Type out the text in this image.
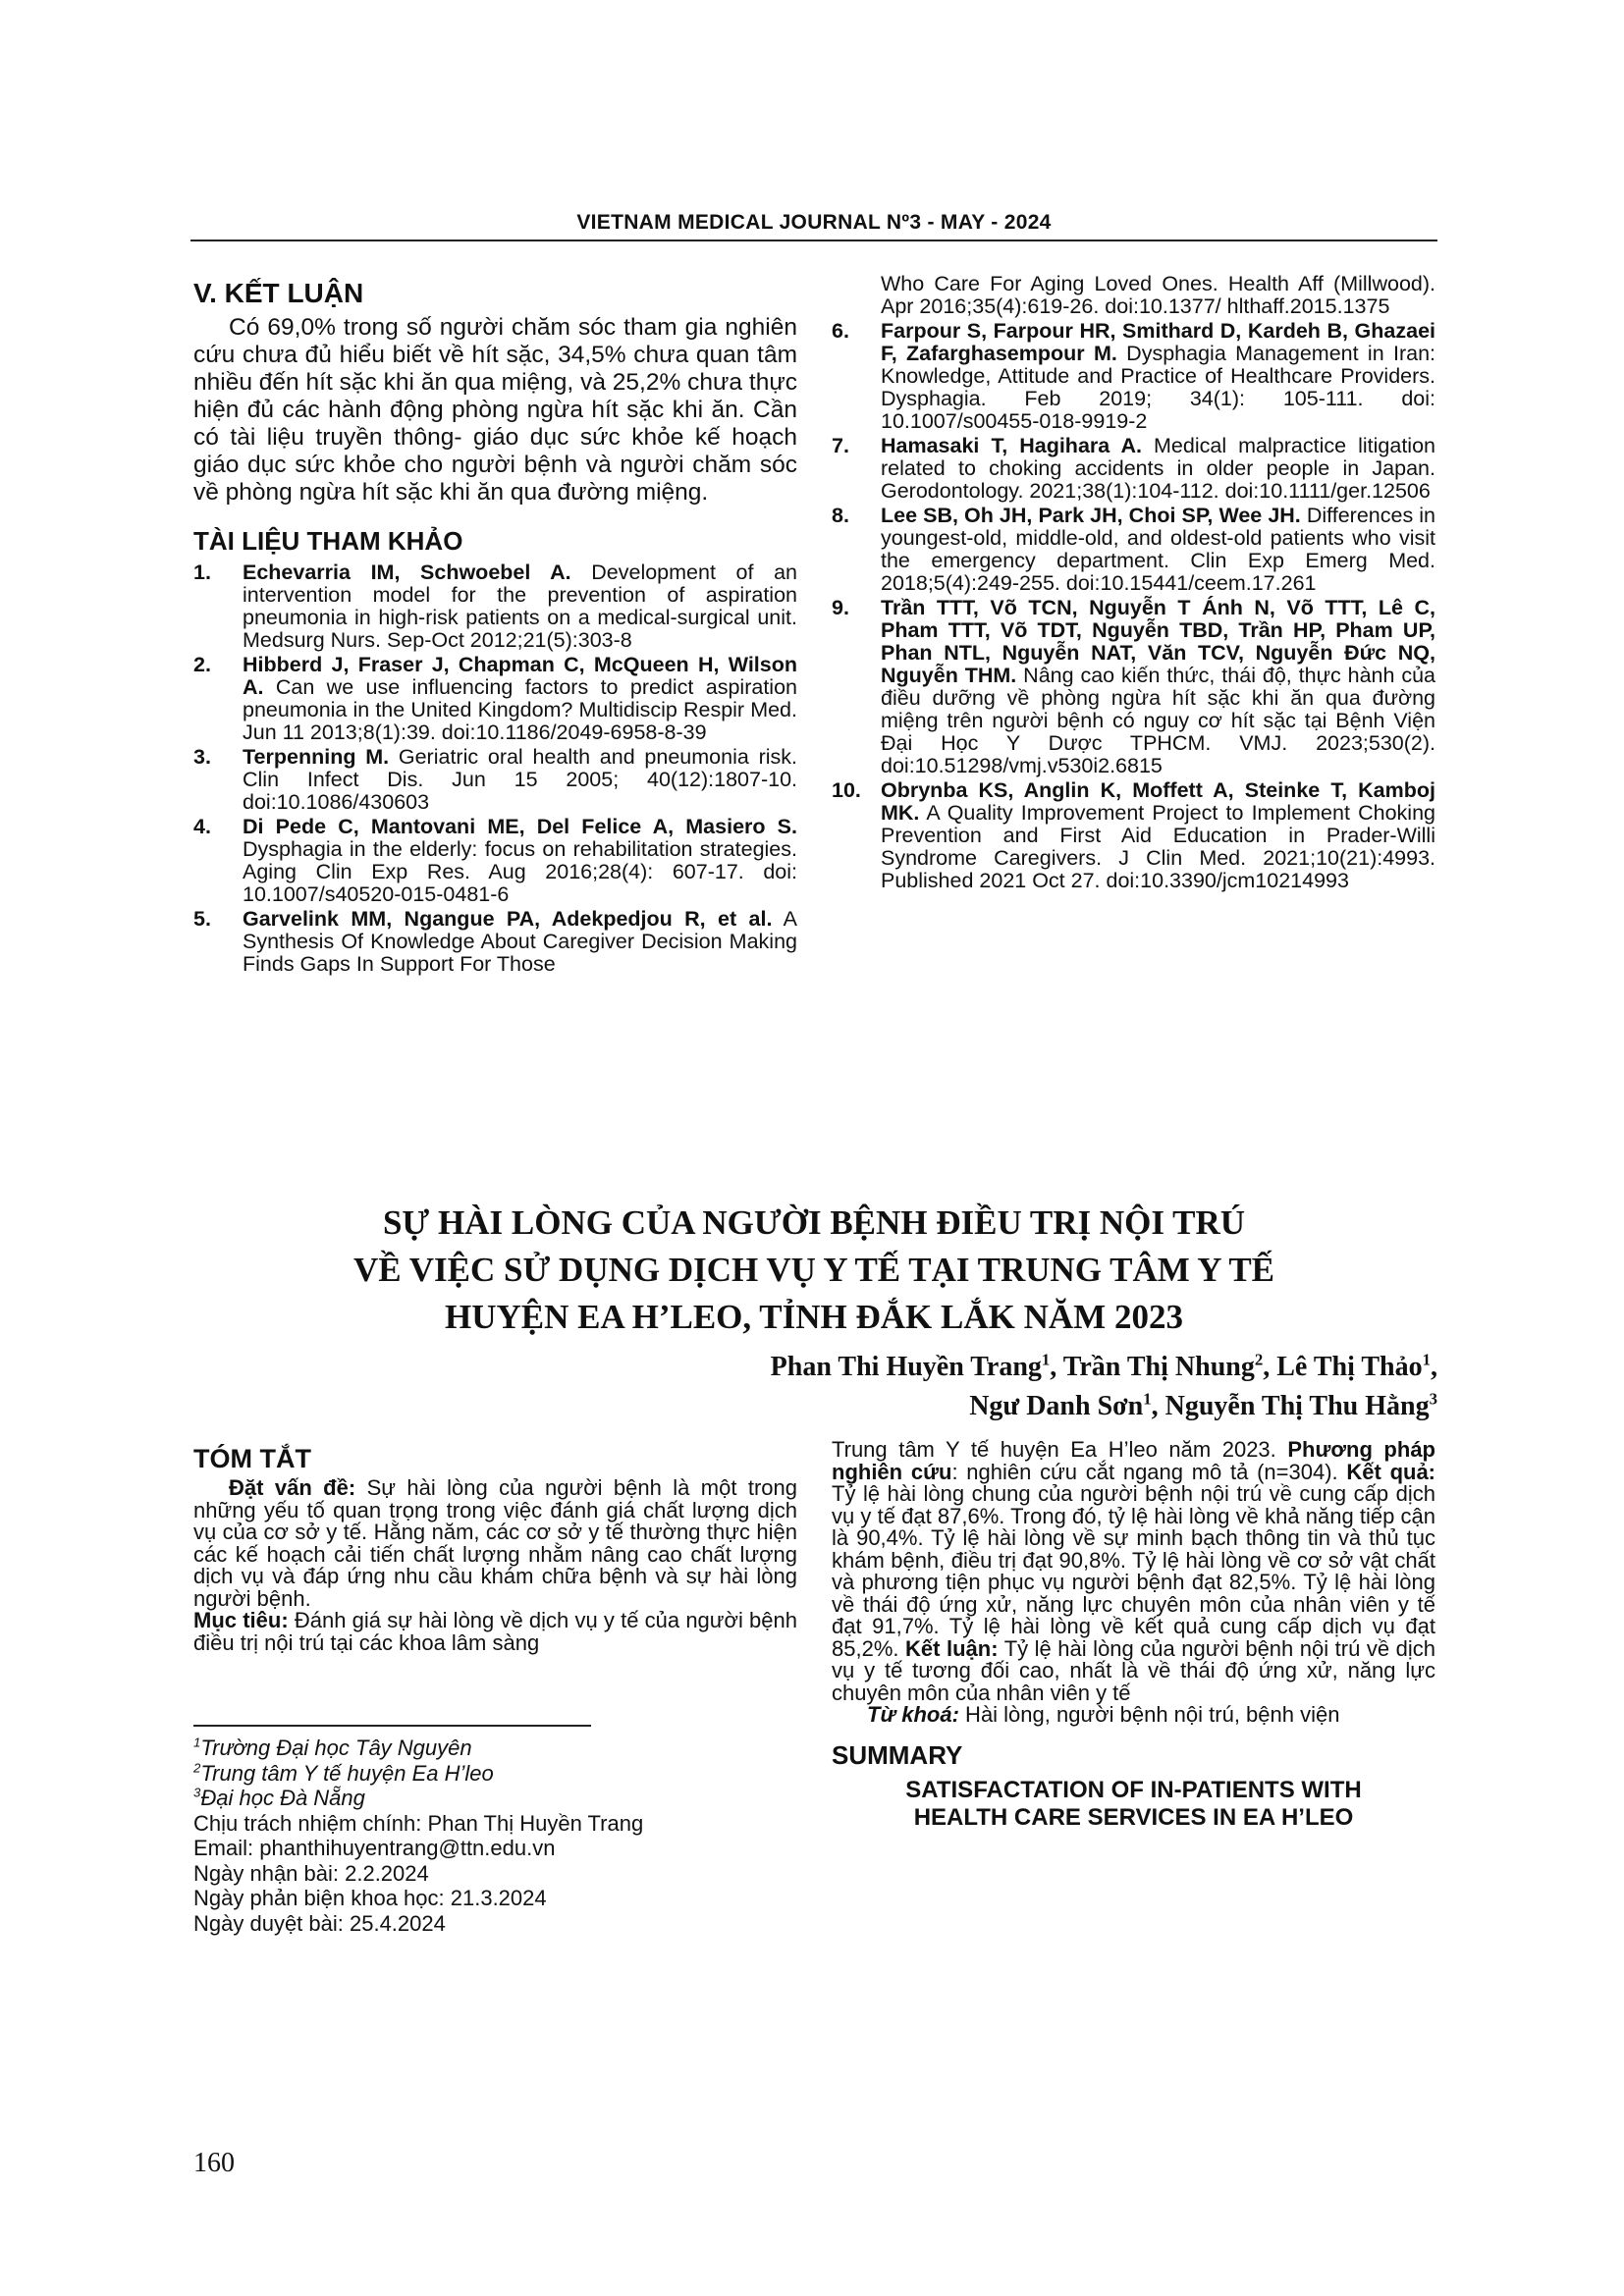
VIETNAM MEDICAL JOURNAL Nº3 - MAY - 2024
V. KẾT LUẬN

Có 69,0% trong số người chăm sóc tham gia nghiên cứu chưa đủ hiểu biết về hít sặc, 34,5% chưa quan tâm nhiều đến hít sặc khi ăn qua miệng, và 25,2% chưa thực hiện đủ các hành động phòng ngừa hít sặc khi ăn. Cần có tài liệu truyền thông- giáo dục sức khỏe kế hoạch giáo dục sức khỏe cho người bệnh và người chăm sóc về phòng ngừa hít sặc khi ăn qua đường miệng.

TÀI LIỆU THAM KHẢO
1. Echevarria IM, Schwoebel A. Development of an intervention model for the prevention of aspiration pneumonia in high-risk patients on a medical-surgical unit. Medsurg Nurs. Sep-Oct 2012;21(5):303-8
2. Hibberd J, Fraser J, Chapman C, McQueen H, Wilson A. Can we use influencing factors to predict aspiration pneumonia in the United Kingdom? Multidiscip Respir Med. Jun 11 2013;8(1):39. doi:10.1186/2049-6958-8-39
3. Terpenning M. Geriatric oral health and pneumonia risk. Clin Infect Dis. Jun 15 2005; 40(12):1807-10. doi:10.1086/430603
4. Di Pede C, Mantovani ME, Del Felice A, Masiero S. Dysphagia in the elderly: focus on rehabilitation strategies. Aging Clin Exp Res. Aug 2016;28(4): 607-17. doi: 10.1007/s40520-015-0481-6
5. Garvelink MM, Ngangue PA, Adekpedjou R, et al. A Synthesis Of Knowledge About Caregiver Decision Making Finds Gaps In Support For Those
Who Care For Aging Loved Ones. Health Aff (Millwood). Apr 2016;35(4):619-26. doi:10.1377/ hlthaff.2015.1375
6. Farpour S, Farpour HR, Smithard D, Kardeh B, Ghazaei F, Zafarghasempour M. Dysphagia Management in Iran: Knowledge, Attitude and Practice of Healthcare Providers. Dysphagia. Feb 2019; 34(1): 105-111. doi: 10.1007/s00455-018-9919-2
7. Hamasaki T, Hagihara A. Medical malpractice litigation related to choking accidents in older people in Japan. Gerodontology. 2021;38(1):104-112. doi:10.1111/ger.12506
8. Lee SB, Oh JH, Park JH, Choi SP, Wee JH. Differences in youngest-old, middle-old, and oldest-old patients who visit the emergency department. Clin Exp Emerg Med. 2018;5(4):249-255. doi:10.15441/ceem.17.261
9. Trần TTT, Võ TCN, Nguyễn T Ánh N, Võ TTT, Lê C, Pham TTT, Võ TDT, Nguyễn TBD, Trần HP, Pham UP, Phan NTL, Nguyễn NAT, Văn TCV, Nguyễn Đức NQ, Nguyễn THM. Nâng cao kiến thức, thái độ, thực hành của điều dưỡng về phòng ngừa hít sặc khi ăn qua đường miệng trên người bệnh có nguy cơ hít sặc tại Bệnh Viện Đại Học Y Dược TPHCM. VMJ. 2023;530(2). doi:10.51298/vmj.v530i2.6815
10. Obrynba KS, Anglin K, Moffett A, Steinke T, Kamboj MK. A Quality Improvement Project to Implement Choking Prevention and First Aid Education in Prader-Willi Syndrome Caregivers. J Clin Med. 2021;10(21):4993. Published 2021 Oct 27. doi:10.3390/jcm10214993
SỰ HÀI LÒNG CỦA NGƯỜI BỆNH ĐIỀU TRỊ NỘI TRÚ
VỀ VIỆC SỬ DỤNG DỊCH VỤ Y TẾ TẠI TRUNG TÂM Y TẾ
HUYỆN EA H’LEO, TỈNH ĐẮK LẮK NĂM 2023
Phan Thi Huyền Trang$^1$, Trần Thị Nhung$^2$, Lê Thị Thảo$^1$,
Ngư Danh Sơn$^1$, Nguyễn Thị Thu Hằng$^3$
TÓM TẮT

Đặt vấn đề: Sự hài lòng của người bệnh là một trong những yếu tố quan trọng trong việc đánh giá chất lượng dịch vụ của cơ sở y tế. Hằng năm, các cơ sở y tế thường thực hiện các kế hoạch cải tiến chất lượng nhằm nâng cao chất lượng dịch vụ và đáp ứng nhu cầu khám chữa bệnh và sự hài lòng người bệnh.

Mục tiêu: Đánh giá sự hài lòng về dịch vụ y tế của người bệnh điều trị nội trú tại các khoa lâm sàng

$^1$Trường Đại học Tây Nguyên
$^2$Trung tâm Y tế huyện Ea H’leo
$^3$Đại học Đà Nẵng
Chịu trách nhiệm chính: Phan Thị Huyền Trang
Email: phanthihuyentrang@ttn.edu.vn
Ngày nhận bài: 2.2.2024
Ngày phản biện khoa học: 21.3.2024
Ngày duyệt bài: 25.4.2024

Trung tâm Y tế huyện Ea H’leo năm 2023. Phương pháp nghiên cứu: nghiên cứu cắt ngang mô tả (n=304). Kết quả: Tỷ lệ hài lòng chung của người bệnh nội trú về cung cấp dịch vụ y tế đạt 87,6%. Trong đó, tỷ lệ hài lòng về khả năng tiếp cận là 90,4%. Tỷ lệ hài lòng về sự minh bạch thông tin và thủ tục khám bệnh, điều trị đạt 90,8%. Tỷ lệ hài lòng về cơ sở vật chất và phương tiện phục vụ người bệnh đạt 82,5%. Tỷ lệ hài lòng về thái độ ứng xử, năng lực chuyên môn của nhân viên y tế đạt 91,7%. Tỷ lệ hài lòng về kết quả cung cấp dịch vụ đạt 85,2%. Kết luận: Tỷ lệ hài lòng của người bệnh nội trú về dịch vụ y tế tương đối cao, nhất là về thái độ ứng xử, năng lực chuyên môn của nhân viên y tế

Từ khoá: Hài lòng, người bệnh nội trú, bệnh viện

SUMMARY

SATISFACTATION OF IN-PATIENTS WITH

HEALTH CARE SERVICES IN EA H’LEO

160
